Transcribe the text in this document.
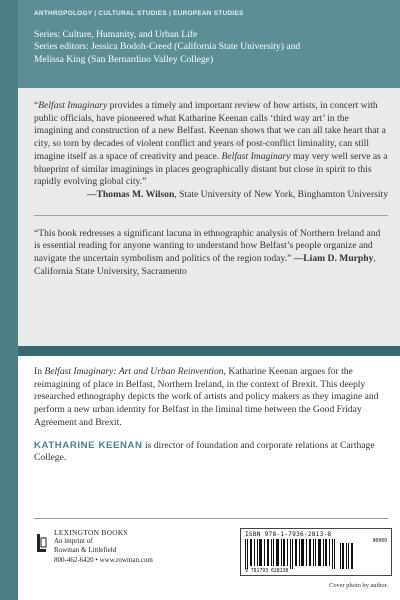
ANTHROPOLOGY | CULTURAL STUDIES | EUROPEAN STUDIES
Series: Culture, Humanity, and Urban Life
Series editors: Jessica Bodoh-Creed (California State University) and
Melissa King (San Bernardino Valley College)

“Belfast Imaginary provides a timely and important review of how artists, in concert with public officials, have pioneered what Katharine Keenan calls ‘third way art’ in the imagining and construction of a new Belfast. Keenan shows that we can all take heart that a city, so torn by decades of violent conflict and years of post-conflict liminality, can still imagine itself as a space of creativity and peace. Belfast Imaginary may very well serve as a blueprint of similar imaginings in places geographically distant but close in spirit to this rapidly evolving global city.”

—Thomas M. Wilson, State University of New York, Binghamton University

“This book redresses a significant lacuna in ethnographic analysis of Northern Ireland and is essential reading for anyone wanting to understand how Belfast’s people organize and navigate the uncertain symbolism and politics of the region today.” —Liam D. Murphy, California State University, Sacramento

In Belfast Imaginary: Art and Urban Reinvention, Katharine Keenan argues for the reimagining of place in Belfast, Northern Ireland, in the context of Brexit. This deeply researched ethnography depicts the work of artists and policy makers as they imagine and perform a new urban identity for Belfast in the liminal time between the Good Friday Agreement and Brexit.

KATHARINE KEENAN is director of foundation and corporate relations at Carthage College.

LEXINGTON BOOKS
An imprint of
Rowman & Littlefield
800-462-6420 • www.rowman.com
ISBN 978-1-7936-2813-8
90000
9 781793 628138
Cover photo by author.
